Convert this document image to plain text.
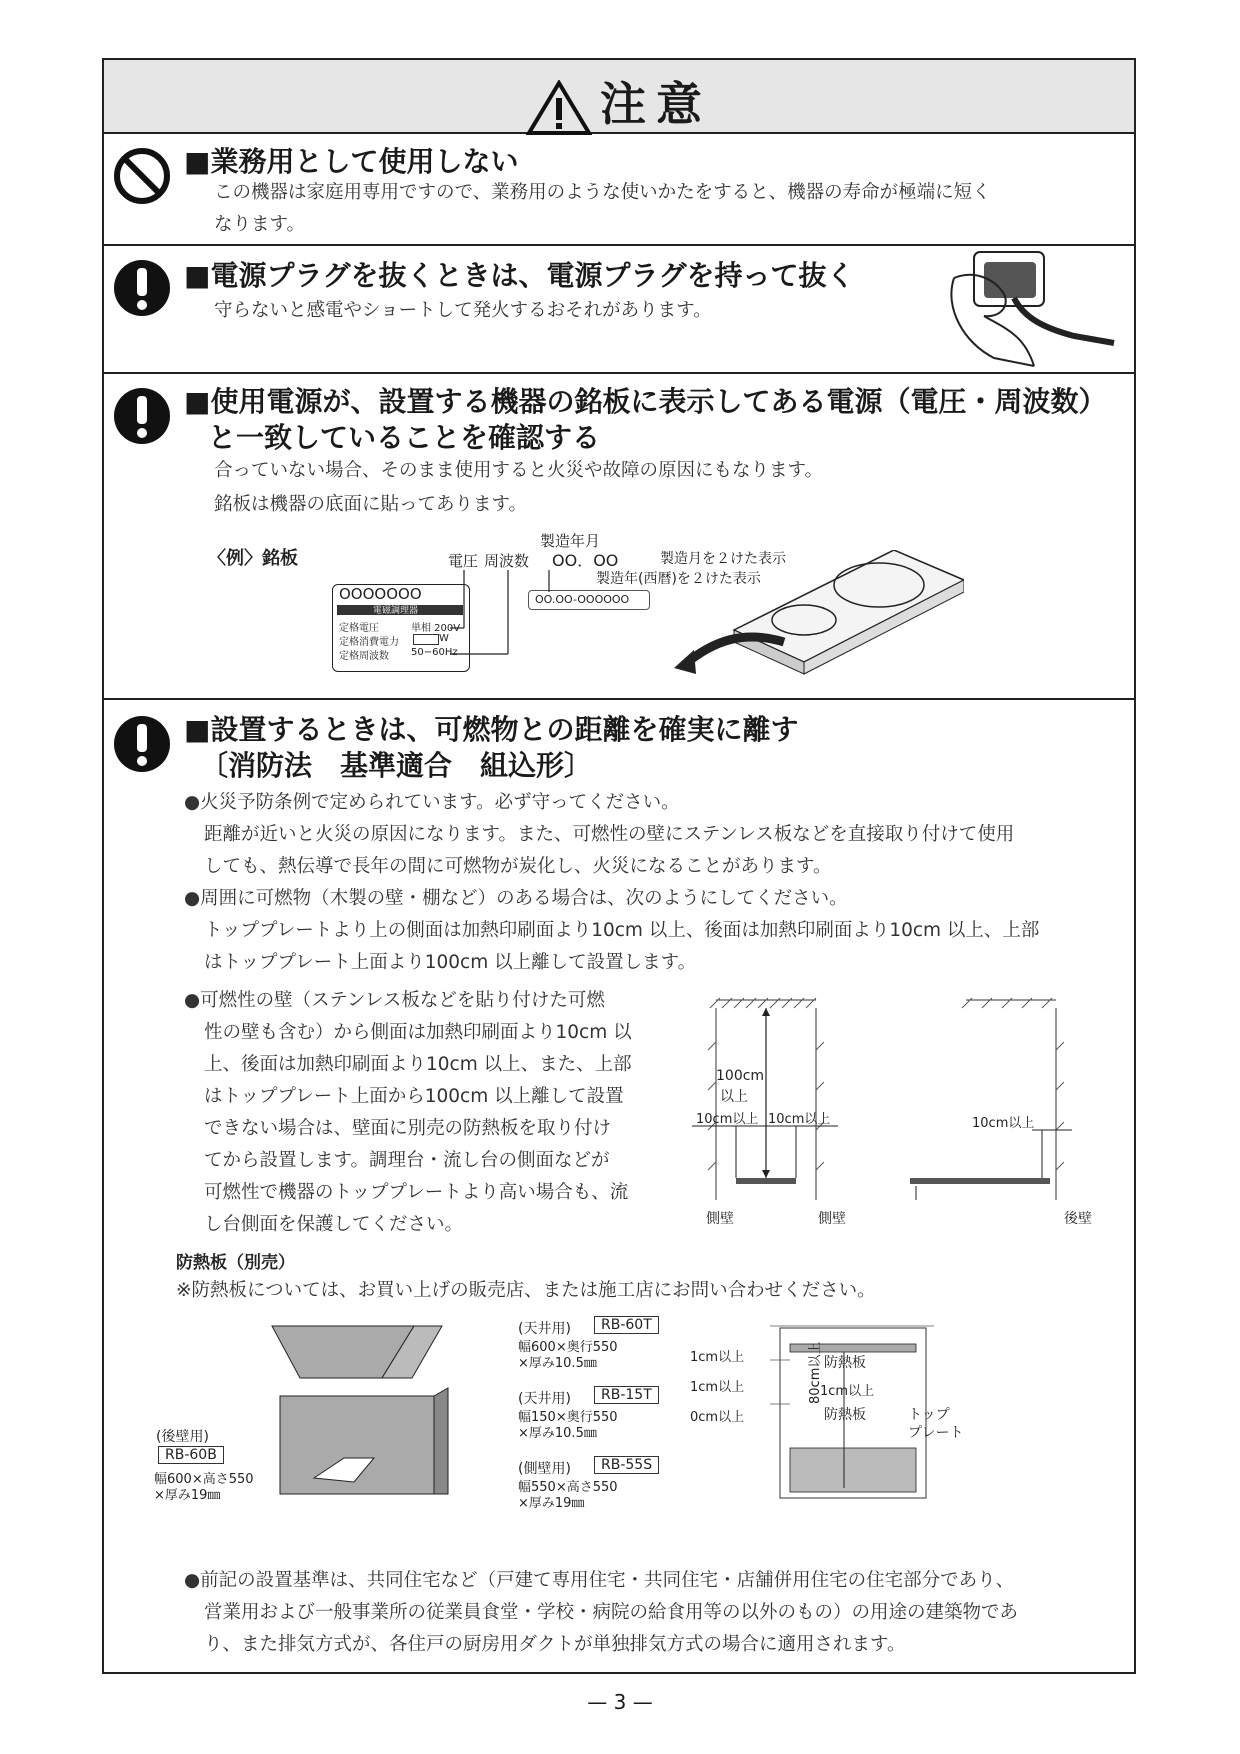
注意
■業務用として使用しない
この機器は家庭用専用ですので、業務用のような使いかたをすると、機器の寿命が極端に短く
なります。
■電源プラグを抜くときは、電源プラグを持って抜く
守らないと感電やショートして発火するおそれがあります。
■使用電源が、設置する機器の銘板に表示してある電源（電圧・周波数）
と一致していることを確認する
合っていない場合、そのまま使用すると火災や故障の原因にもなります。
銘板は機器の底面に貼ってあります。
〈例〉銘板
OOOOOOO
電磁調理器
定格電圧	単相 200V
定格消費電力	W
定格周波数 50−60Hz
OO.OO-OOOOOO
電圧 周波数
製造年月
OO．OO	製造月を２けた表示
製造年(西暦)を２けた表示
■設置するときは、可燃物との距離を確実に離す
〔消防法　基準適合　組込形〕
●火災予防条例で定められています。必ず守ってください。
距離が近いと火災の原因になります。また、可燃性の壁にステンレス板などを直接取り付けて使用
しても、熱伝導で長年の間に可燃物が炭化し、火災になることがあります。
●周囲に可燃物（木製の壁・棚など）のある場合は、次のようにしてください。
トッププレートより上の側面は加熱印刷面より10cm 以上、後面は加熱印刷面より10cm 以上、上部
はトッププレート上面より100cm 以上離して設置します。
●可燃性の壁（ステンレス板などを貼り付けた可燃
性の壁も含む）から側面は加熱印刷面より10cm 以
上、後面は加熱印刷面より10cm 以上、また、上部
はトッププレート上面から100cm 以上離して設置
できない場合は、壁面に別売の防熱板を取り付け
てから設置します。調理台・流し台の側面などが
可燃性で機器のトッププレートより高い場合も、流
し台側面を保護してください。
100cm
以上
10cm以上 10cm以上	10cm以上
側壁	側壁	後壁
防熱板（別売）
※防熱板については、お買い上げの販売店、または施工店にお問い合わせください。
(天井用)	RB-60T
幅600×奥行550
×厚み10.5㎜
(天井用)	RB-15T
幅150×奥行550
×厚み10.5㎜
(側壁用)	RB-55S
幅550×高さ550
×厚み19㎜
(後壁用)
RB-60B
幅600×高さ550
×厚み19㎜
1cm以上
1cm以上
0cm以上
80cm以上 防熱板
1cm以上
防熱板	トップ
プレート
●前記の設置基準は、共同住宅など（戸建て専用住宅・共同住宅・店舗併用住宅の住宅部分であり、
営業用および一般事業所の従業員食堂・学校・病院の給食用等の以外のもの）の用途の建築物であ
り、また排気方式が、各住戸の厨房用ダクトが単独排気方式の場合に適用されます。
— 3 —
